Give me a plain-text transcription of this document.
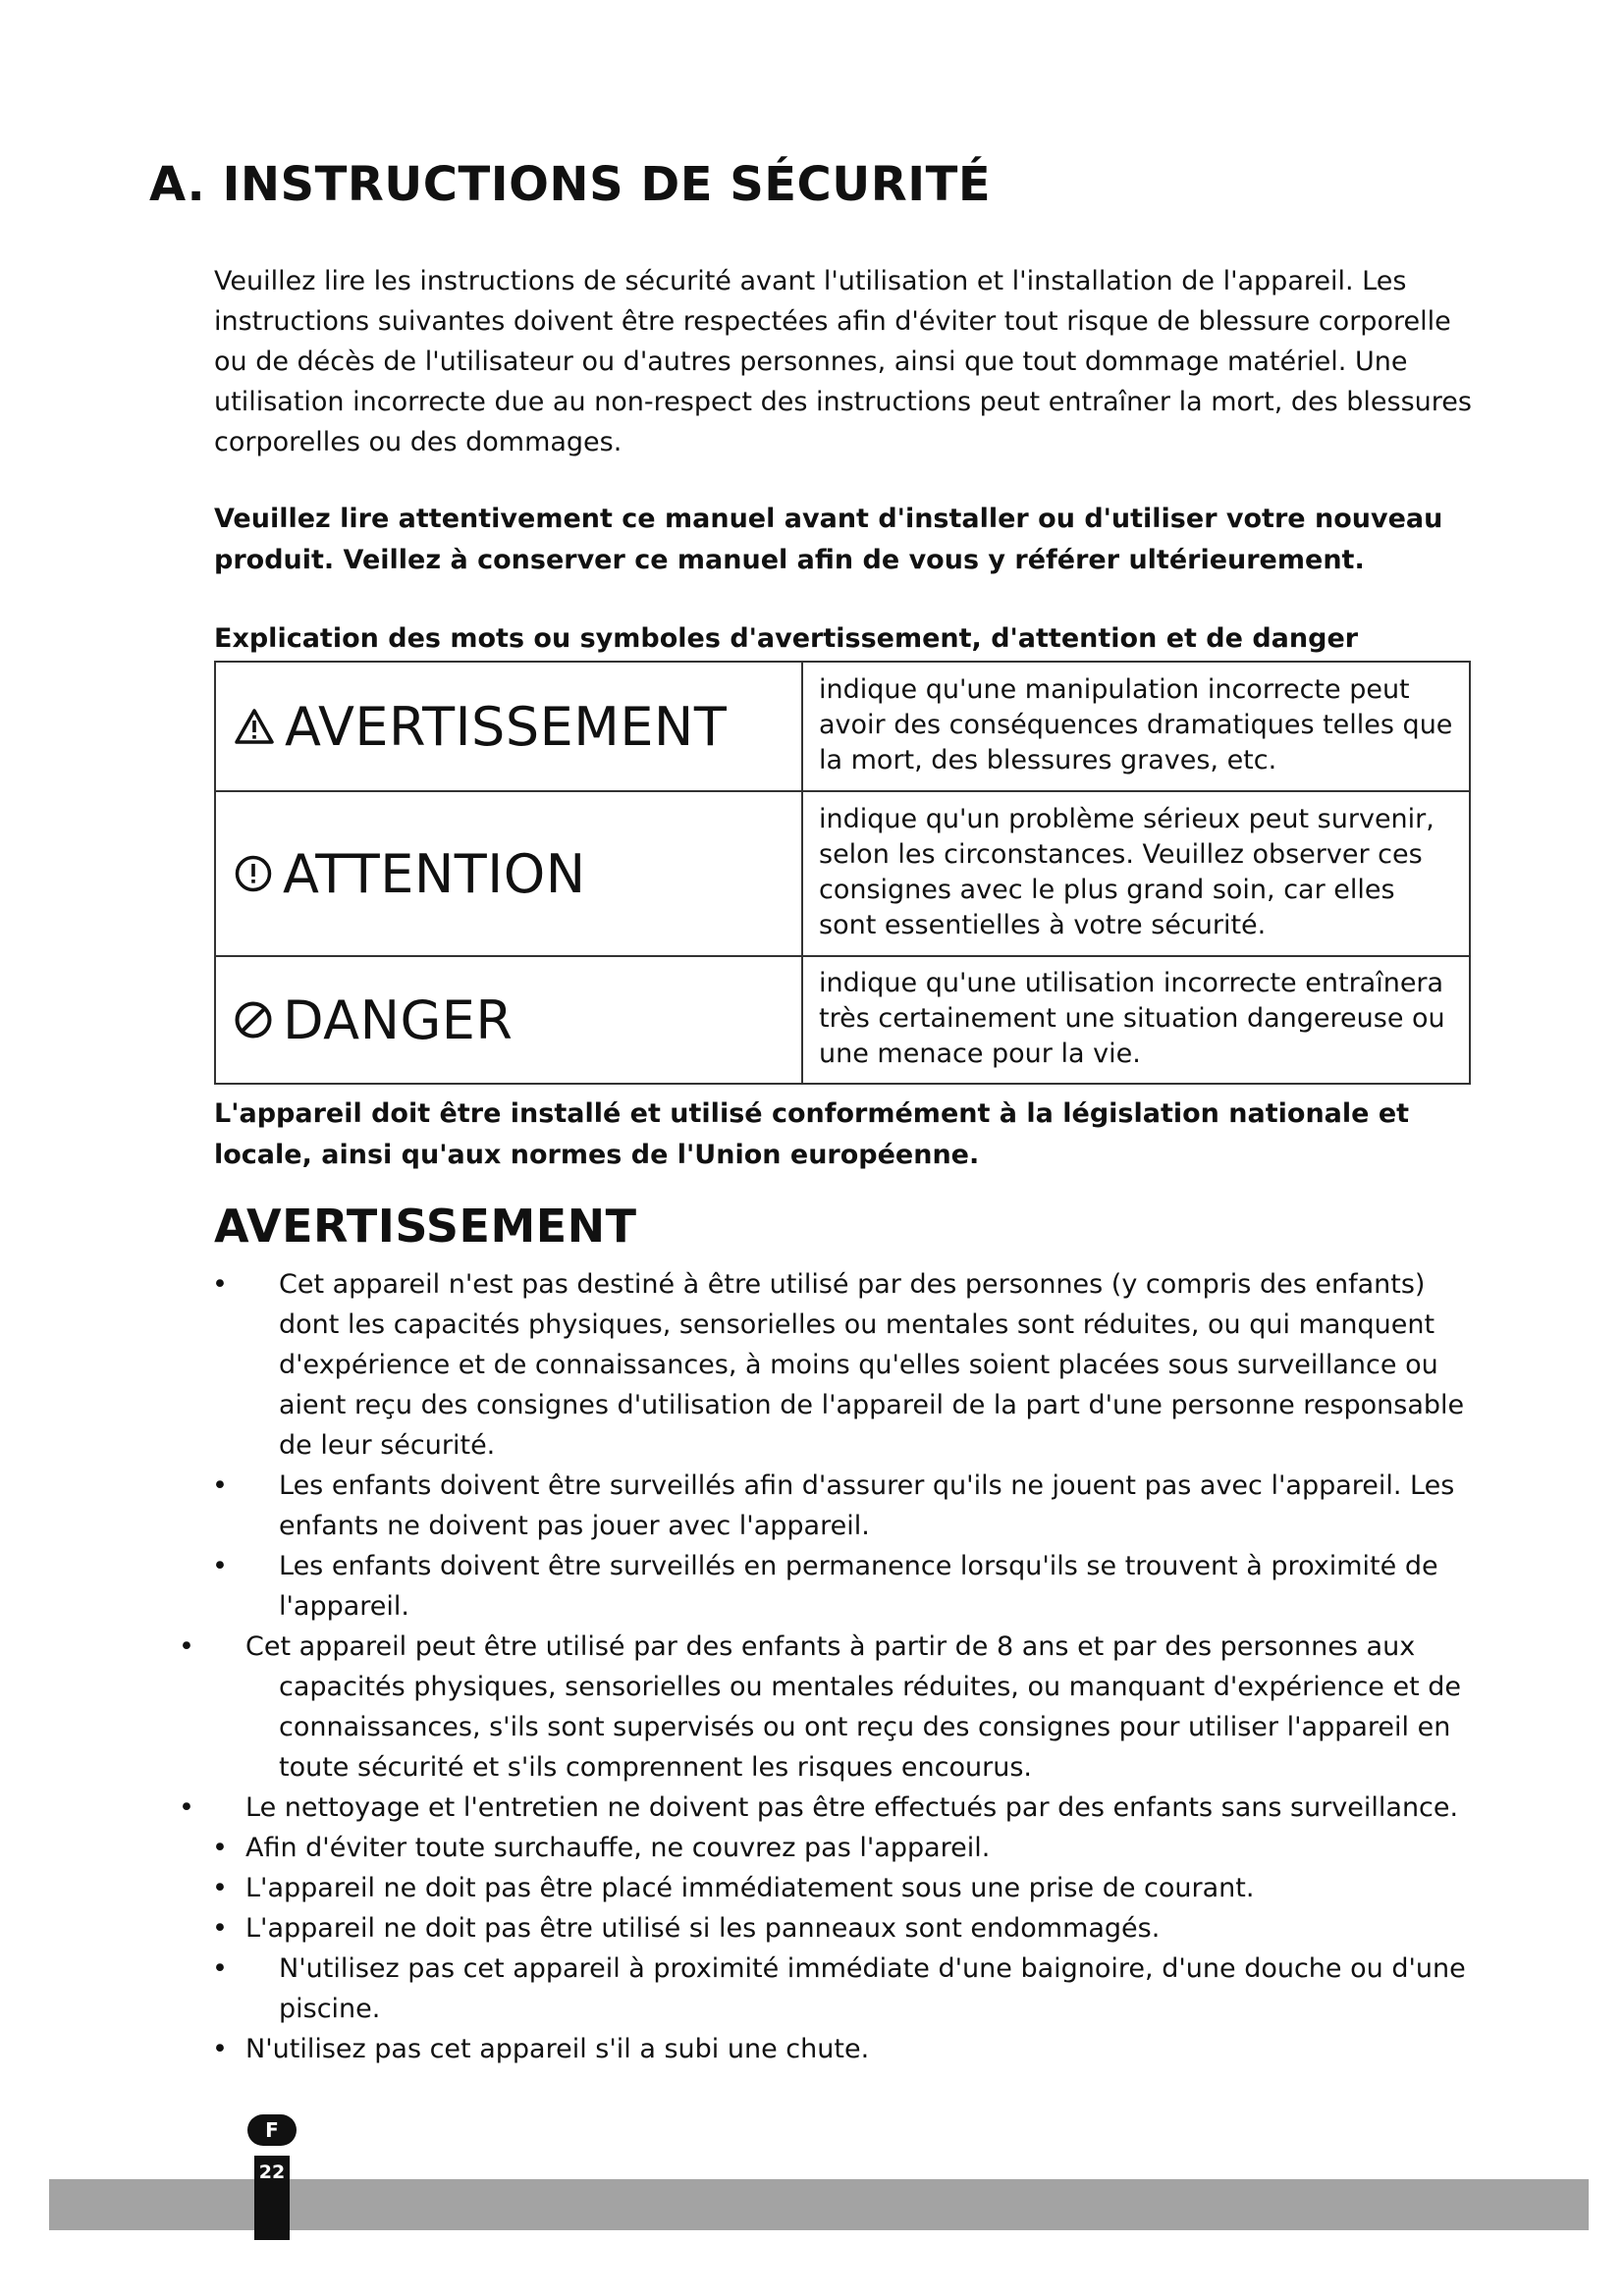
A. INSTRUCTIONS DE SÉCURITÉ

Veuillez lire les instructions de sécurité avant l'utilisation et l'installation de l'appareil. Les instructions suivantes doivent être respectées afin d'éviter tout risque de blessure corporelle ou de décès de l'utilisateur ou d'autres personnes, ainsi que tout dommage matériel. Une utilisation incorrecte due au non-respect des instructions peut entraîner la mort, des blessures corporelles ou des dommages.

Veuillez lire attentivement ce manuel avant d'installer ou d'utiliser votre nouveau produit. Veillez à conserver ce manuel afin de vous y référer ultérieurement.

Explication des mots ou symboles d'avertissement, d'attention et de danger

AVERTISSEMENT	indique qu'une manipulation incorrecte peut avoir des conséquences dramatiques telles que la mort, des blessures graves, etc.

ATTENTION	indique qu'un problème sérieux peut survenir, selon les circonstances. Veuillez observer ces consignes avec le plus grand soin, car elles sont essentielles à votre sécurité.

DANGER	indique qu'une utilisation incorrecte entraînera très certainement une situation dangereuse ou une menace pour la vie.

L'appareil doit être installé et utilisé conformément à la législation nationale et locale, ainsi qu'aux normes de l'Union européenne.

AVERTISSEMENT
• Cet appareil n'est pas destiné à être utilisé par des personnes (y compris des enfants) dont les capacités physiques, sensorielles ou mentales sont réduites, ou qui manquent d'expérience et de connaissances, à moins qu'elles soient placées sous surveillance ou aient reçu des consignes d'utilisation de l'appareil de la part d'une personne responsable de leur sécurité.
• Les enfants doivent être surveillés afin d'assurer qu'ils ne jouent pas avec l'appareil. Les enfants ne doivent pas jouer avec l'appareil.
• Les enfants doivent être surveillés en permanence lorsqu'ils se trouvent à proximité de l'appareil.
•	Cet appareil peut être utilisé par des enfants à partir de 8 ans et par des personnes aux capacités physiques, sensorielles ou mentales réduites, ou manquant d'expérience et de connaissances, s'ils sont supervisés ou ont reçu des consignes pour utiliser l'appareil en toute sécurité et s'ils comprennent les risques encourus.
•	Le nettoyage et l'entretien ne doivent pas être effectués par des enfants sans surveillance.
• Afin d'éviter toute surchauffe, ne couvrez pas l'appareil.
• L'appareil ne doit pas être placé immédiatement sous une prise de courant.
• L'appareil ne doit pas être utilisé si les panneaux sont endommagés.
• N'utilisez pas cet appareil à proximité immédiate d'une baignoire, d'une douche ou d'une piscine.
• N'utilisez pas cet appareil s'il a subi une chute.
F
22
